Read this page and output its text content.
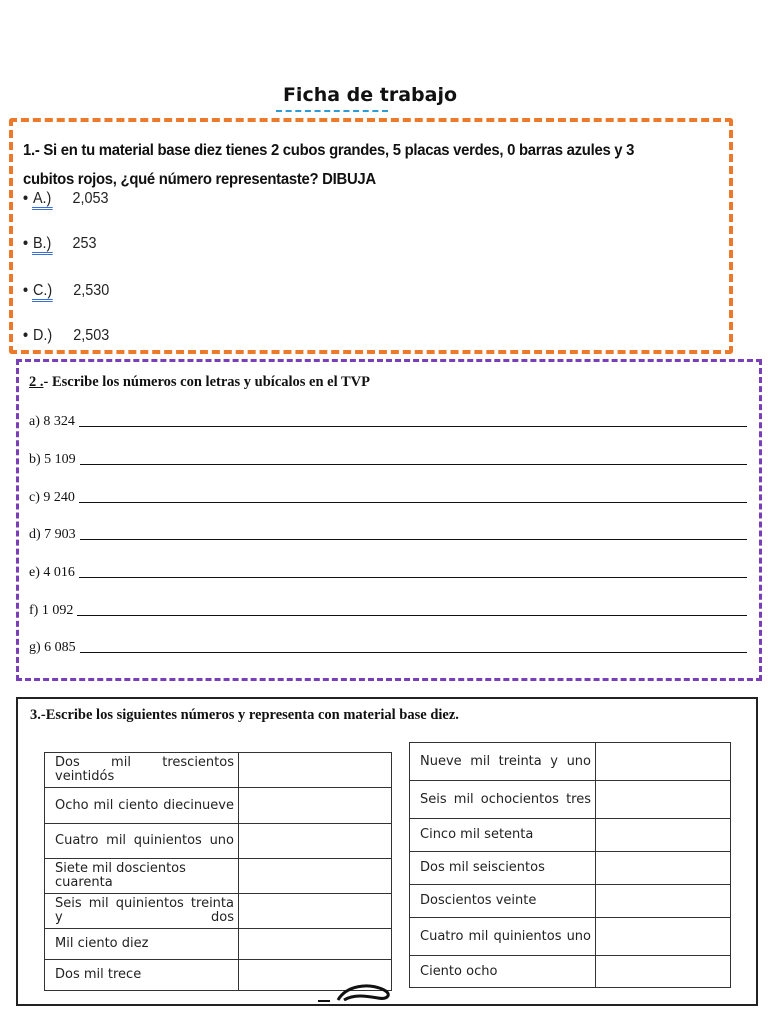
Ficha de trabajo
1.- Si en tu material base diez tienes 2 cubos grandes, 5 placas verdes, 0 barras azules y 3 cubitos rojos, ¿qué número representaste? DIBUJA
• A.) 2,053
• B.) 253
• C.) 2,530
• D.) 2,503
2 .- Escribe los números con letras y ubícalos en el TVP
a) 8 324
b) 5 109
c) 9 240
d) 7 903
e) 4 016
f) 1 092
g) 6 085
3.-Escribe los siguientes números y representa con material base diez.
Dos mil trescientos veintidós	
Ocho mil ciento diecinueve	
Cuatro mil quinientos uno	
Siete mil doscientos cuarenta	
Seis mil quinientos treinta y dos	
Mil ciento diez	
Dos mil trece	
Nueve mil treinta y uno	
Seis mil ochocientos tres	
Cinco mil setenta	
Dos mil seiscientos	
Doscientos veinte	
Cuatro mil quinientos uno	
Ciento ocho	
